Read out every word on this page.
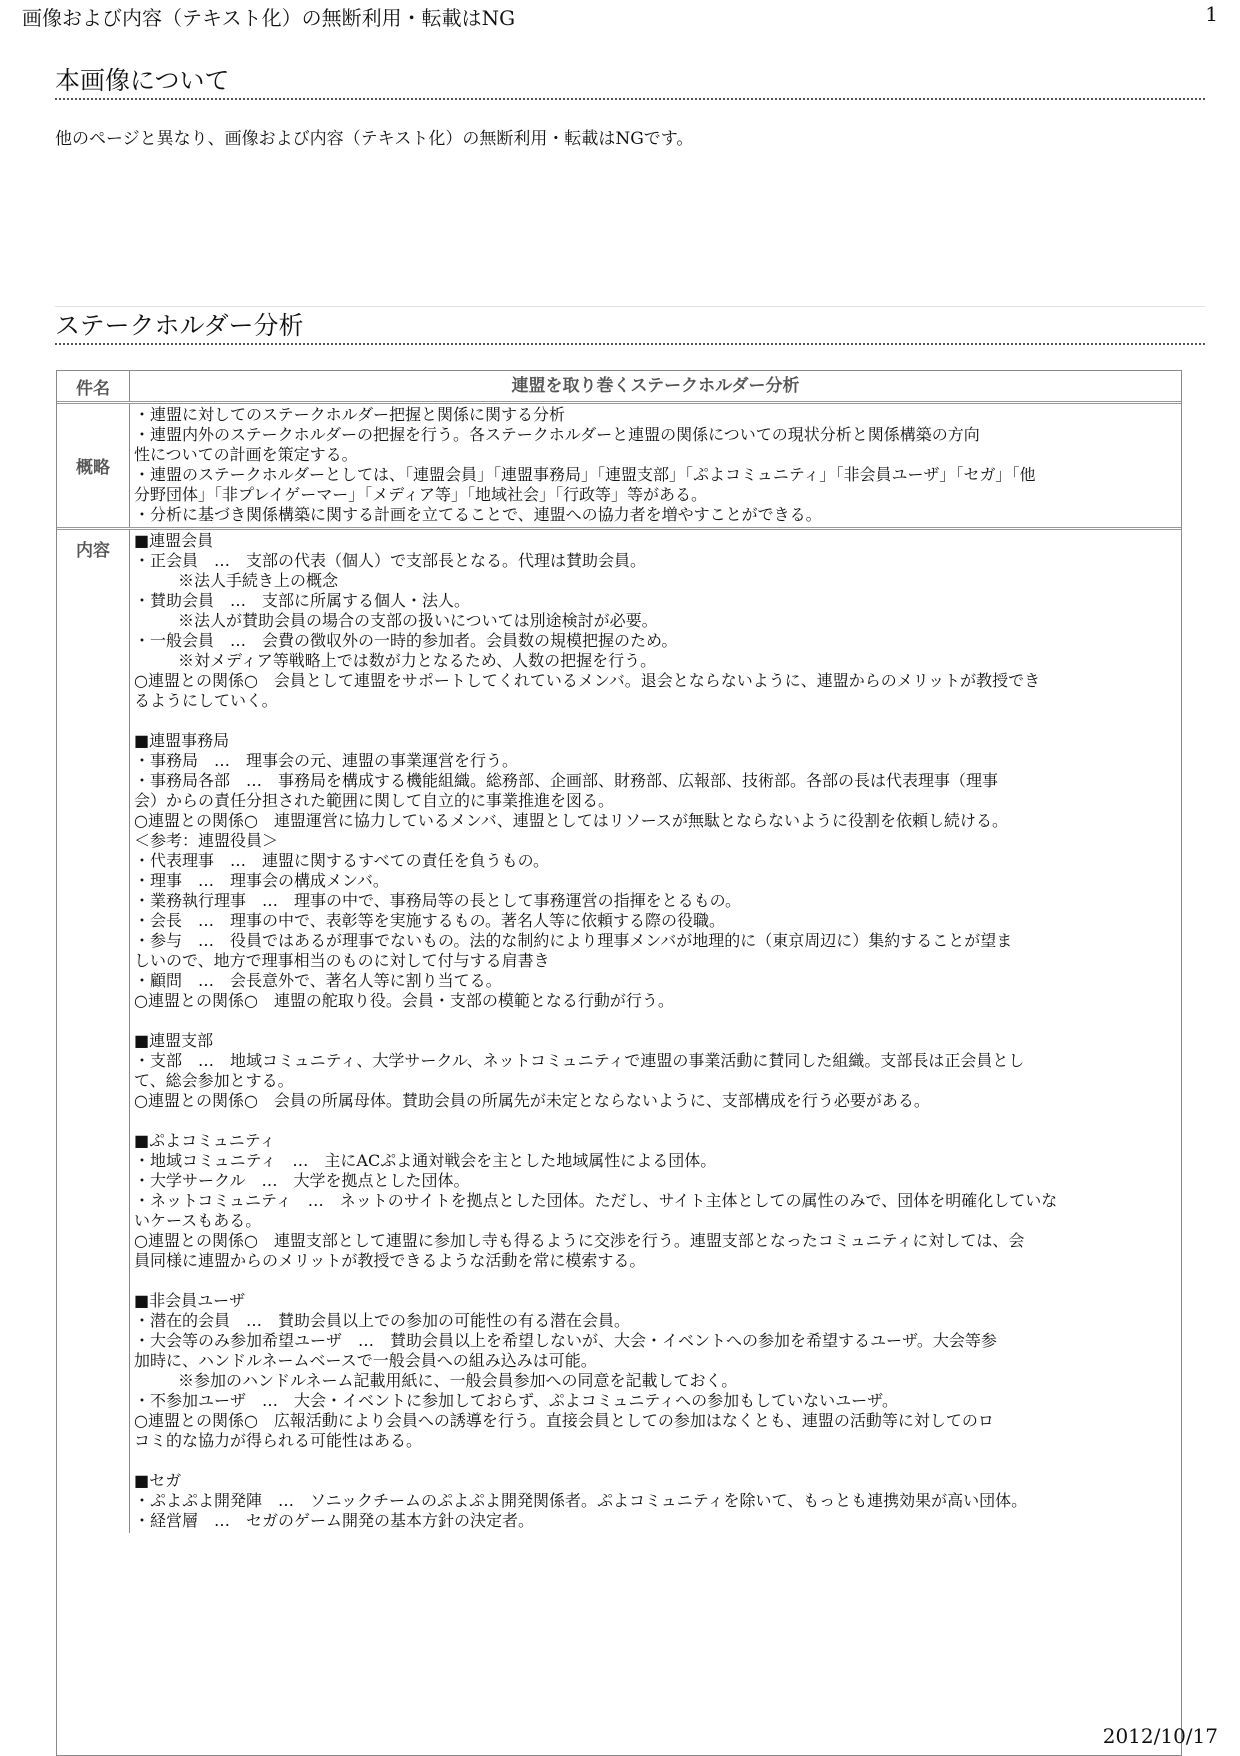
画像および内容（テキスト化）の無断利用・転載はNG	1
本画像について
他のページと異なり、画像および内容（テキスト化）の無断利用・転載はNGです。
ステークホルダー分析
件名	連盟を取り巻くステークホルダー分析
概略
・連盟に対してのステークホルダー把握と関係に関する分析
・連盟内外のステークホルダーの把握を行う。各ステークホルダーと連盟の関係についての現状分析と関係構築の方向
性についての計画を策定する。
・連盟のステークホルダーとしては、「連盟会員」「連盟事務局」「連盟支部」「ぷよコミュニティ」「非会員ユーザ」「セガ」「他
分野団体」「非プレイゲーマー」「メディア等」「地域社会」「行政等」等がある。
・分析に基づき関係構築に関する計画を立てることで、連盟への協力者を増やすことができる。
内容
■連盟会員
・正会員　…　支部の代表（個人）で支部長となる。代理は賛助会員。
※法人手続き上の概念
・賛助会員　…　支部に所属する個人・法人。
※法人が賛助会員の場合の支部の扱いについては別途検討が必要。
・一般会員　…　会費の徴収外の一時的参加者。会員数の規模把握のため。
※対メディア等戦略上では数が力となるため、人数の把握を行う。
○連盟との関係○　会員として連盟をサポートしてくれているメンバ。退会とならないように、連盟からのメリットが教授でき
るようにしていく。
■連盟事務局
・事務局　…　理事会の元、連盟の事業運営を行う。
・事務局各部　…　事務局を構成する機能組織。総務部、企画部、財務部、広報部、技術部。各部の長は代表理事（理事
会）からの責任分担された範囲に関して自立的に事業推進を図る。
○連盟との関係○　連盟運営に協力しているメンバ、連盟としてはリソースが無駄とならないように役割を依頼し続ける。
＜参考：連盟役員＞
・代表理事　…　連盟に関するすべての責任を負うもの。
・理事　…　理事会の構成メンバ。
・業務執行理事　…　理事の中で、事務局等の長として事務運営の指揮をとるもの。
・会長　…　理事の中で、表彰等を実施するもの。著名人等に依頼する際の役職。
・参与　…　役員ではあるが理事でないもの。法的な制約により理事メンバが地理的に（東京周辺に）集約することが望ま
しいので、地方で理事相当のものに対して付与する肩書き
・顧問　…　会長意外で、著名人等に割り当てる。
○連盟との関係○　連盟の舵取り役。会員・支部の模範となる行動が行う。
■連盟支部
・支部　…　地域コミュニティ、大学サークル、ネットコミュニティで連盟の事業活動に賛同した組織。支部長は正会員とし
て、総会参加とする。
○連盟との関係○　会員の所属母体。賛助会員の所属先が未定とならないように、支部構成を行う必要がある。
■ぷよコミュニティ
・地域コミュニティ　…　主にACぷよ通対戦会を主とした地域属性による団体。
・大学サークル　…　大学を拠点とした団体。
・ネットコミュニティ　…　ネットのサイトを拠点とした団体。ただし、サイト主体としての属性のみで、団体を明確化していな
いケースもある。
○連盟との関係○　連盟支部として連盟に参加し寺も得るように交渉を行う。連盟支部となったコミュニティに対しては、会
員同様に連盟からのメリットが教授できるような活動を常に模索する。
■非会員ユーザ
・潜在的会員　…　賛助会員以上での参加の可能性の有る潜在会員。
・大会等のみ参加希望ユーザ　…　賛助会員以上を希望しないが、大会・イベントへの参加を希望するユーザ。大会等参
加時に、ハンドルネームベースで一般会員への組み込みは可能。
※参加のハンドルネーム記載用紙に、一般会員参加への同意を記載しておく。
・不参加ユーザ　…　大会・イベントに参加しておらず、ぷよコミュニティへの参加もしていないユーザ。
○連盟との関係○　広報活動により会員への誘導を行う。直接会員としての参加はなくとも、連盟の活動等に対してのロ
コミ的な協力が得られる可能性はある。
■セガ
・ぷよぷよ開発陣　…　ソニックチームのぷよぷよ開発関係者。ぷよコミュニティを除いて、もっとも連携効果が高い団体。
・経営層　…　セガのゲーム開発の基本方針の決定者。
2012/10/17
